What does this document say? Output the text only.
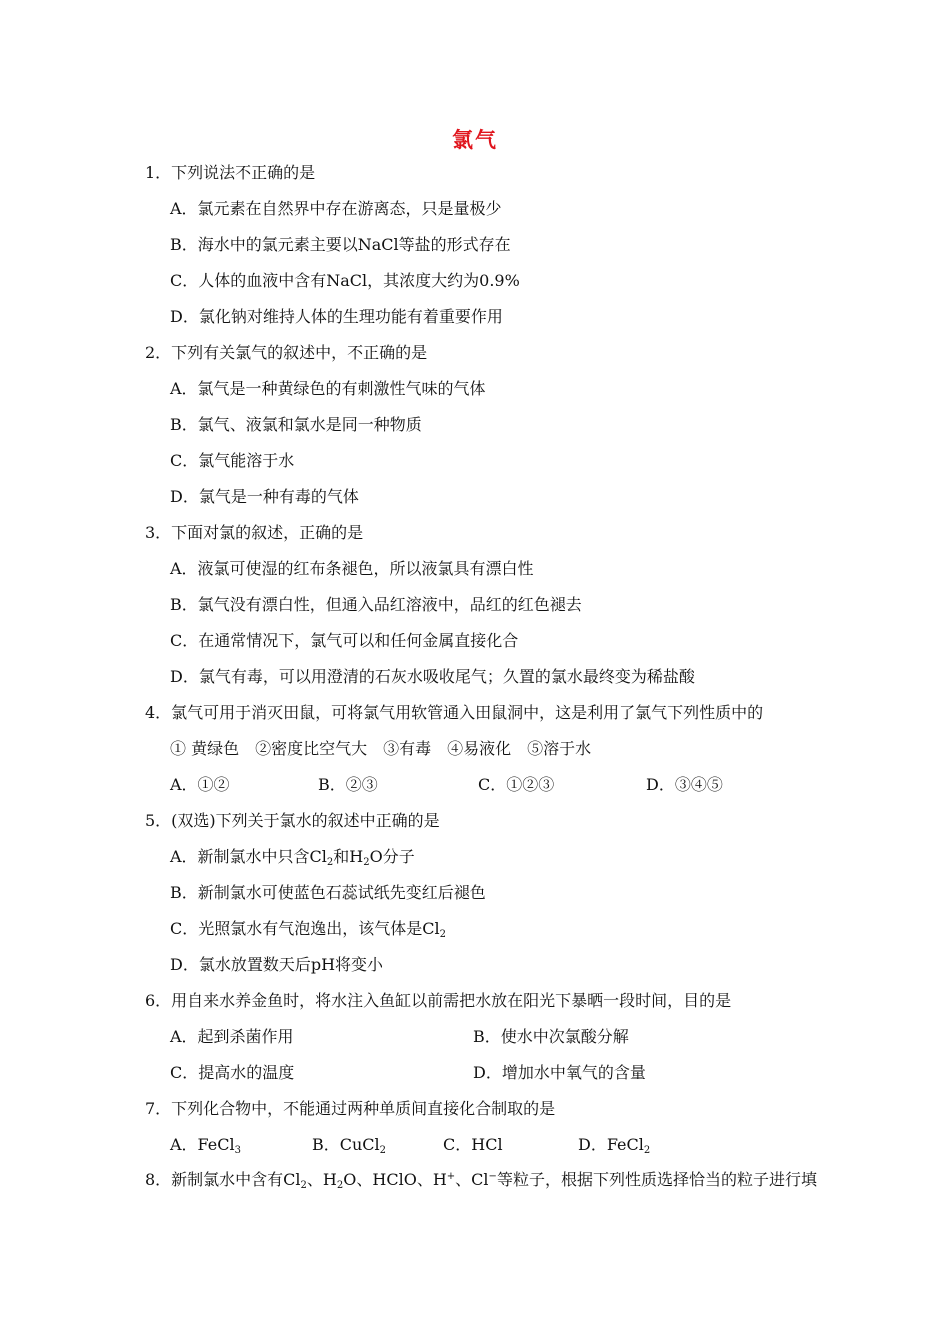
氯气
1．下列说法不正确的是
A．氯元素在自然界中存在游离态，只是量极少
B．海水中的氯元素主要以NaCl等盐的形式存在
C．人体的血液中含有NaCl，其浓度大约为0.9%
D．氯化钠对维持人体的生理功能有着重要作用
2．下列有关氯气的叙述中，不正确的是
A．氯气是一种黄绿色的有刺激性气味的气体
B．氯气、液氯和氯水是同一种物质
C．氯气能溶于水
D．氯气是一种有毒的气体
3．下面对氯的叙述，正确的是
A．液氯可使湿的红布条褪色，所以液氯具有漂白性
B．氯气没有漂白性，但通入品红溶液中，品红的红色褪去
C．在通常情况下，氯气可以和任何金属直接化合
D．氯气有毒，可以用澄清的石灰水吸收尾气；久置的氯水最终变为稀盐酸
4．氯气可用于消灭田鼠，可将氯气用软管通入田鼠洞中，这是利用了氯气下列性质中的
① 黄绿色　②密度比空气大　③有毒　④易液化　⑤溶于水
A．①②	B．②③	C．①②③	D．③④⑤
5．(双选)下列关于氯水的叙述中正确的是
A．新制氯水中只含$Cl_2$和$H_2O$分子
B．新制氯水可使蓝色石蕊试纸先变红后褪色
C．光照氯水有气泡逸出，该气体是$Cl_2$
D．氯水放置数天后pH将变小
6．用自来水养金鱼时，将水注入鱼缸以前需把水放在阳光下暴晒一段时间，目的是
A．起到杀菌作用	B．使水中次氯酸分解
C．提高水的温度	D．增加水中氧气的含量
7．下列化合物中，不能通过两种单质间直接化合制取的是
A．FeCl$_3$	B．CuCl$_2$	C．HCl	D．FeCl$_2$
8．新制氯水中含有$Cl_2$、$H_2O$、HClO、H+、Cl−等粒子，根据下列性质选择恰当的粒子进行填
